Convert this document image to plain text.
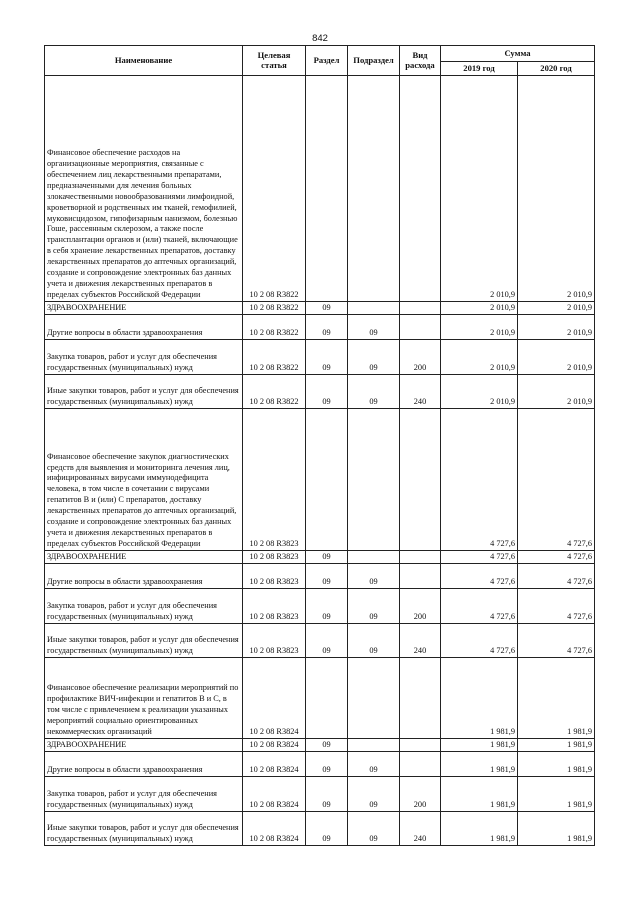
842
Наименование	Целевая статья	Раздел	Подраздел	Вид расхода	Сумма	
					2019 год	2020 год
Финансовое обеспечение расходов на организационные мероприятия, связанные с обеспечением лиц лекарственными препаратами, предназначенными для лечения больных злокачественными новообразованиями лимфоидной, кроветворной и родственных им тканей, гемофилией, муковисцидозом, гипофизарным нанизмом, болезнью Гоше, рассеянным склерозом, а также после трансплантации органов и (или) тканей, включающие в себя хранение лекарственных препаратов, доставку лекарственных препаратов до аптечных организаций, создание и сопровождение электронных баз данных учета и движения лекарственных препаратов в пределах субъектов Российской Федерации	10 2 08 R3822				2 010,9	2 010,9
ЗДРАВООХРАНЕНИЕ	10 2 08 R3822	09			2 010,9	2 010,9
Другие вопросы в области здравоохранения	10 2 08 R3822	09	09		2 010,9	2 010,9
Закупка товаров, работ и услуг для обеспечения государственных (муниципальных) нужд	10 2 08 R3822	09	09	200	2 010,9	2 010,9
Иные закупки товаров, работ и услуг для обеспечения государственных (муниципальных) нужд	10 2 08 R3822	09	09	240	2 010,9	2 010,9
Финансовое обеспечение закупок диагностических средств для выявления и мониторинга лечения лиц, инфицированных вирусами иммунодефицита человека, в том числе в сочетании с вирусами гепатитов В и (или) С препаратов, доставку лекарственных препаратов до аптечных организаций, создание и сопровождение электронных баз данных учета и движения лекарственных препаратов в пределах субъектов Российской Федерации	10 2 08 R3823				4 727,6	4 727,6
ЗДРАВООХРАНЕНИЕ	10 2 08 R3823	09			4 727,6	4 727,6
Другие вопросы в области здравоохранения	10 2 08 R3823	09	09		4 727,6	4 727,6
Закупка товаров, работ и услуг для обеспечения государственных (муниципальных) нужд	10 2 08 R3823	09	09	200	4 727,6	4 727,6
Иные закупки товаров, работ и услуг для обеспечения государственных (муниципальных) нужд	10 2 08 R3823	09	09	240	4 727,6	4 727,6
Финансовое обеспечение реализации мероприятий по профилактике ВИЧ-инфекции и гепатитов В и С, в том числе с привлечением к реализации указанных мероприятий социально ориентированных некоммерческих организаций	10 2 08 R3824				1 981,9	1 981,9
ЗДРАВООХРАНЕНИЕ	10 2 08 R3824	09			1 981,9	1 981,9
Другие вопросы в области здравоохранения	10 2 08 R3824	09	09		1 981,9	1 981,9
Закупка товаров, работ и услуг для обеспечения государственных (муниципальных) нужд	10 2 08 R3824	09	09	200	1 981,9	1 981,9
Иные закупки товаров, работ и услуг для обеспечения государственных (муниципальных) нужд	10 2 08 R3824	09	09	240	1 981,9	1 981,9
